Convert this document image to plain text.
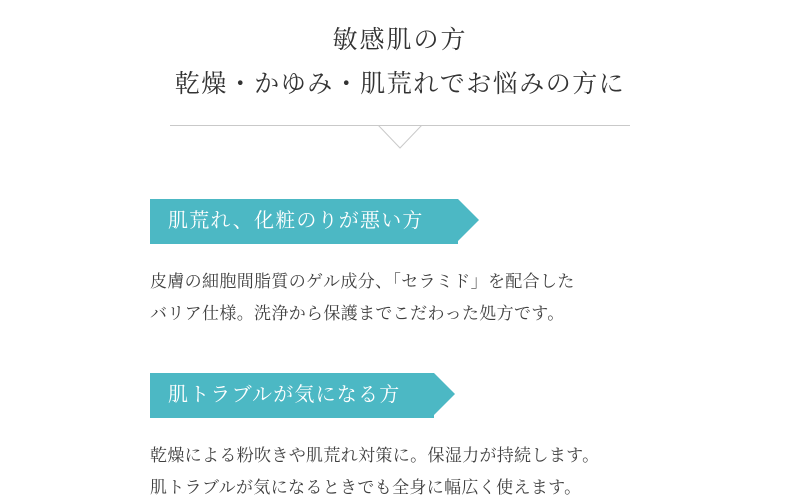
敏感肌の方
乾燥・かゆみ・肌荒れでお悩みの方に
肌荒れ、化粧のりが悪い方
皮膚の細胞間脂質のゲル成分、「セラミド」を配合した
バリア仕様。洗浄から保護までこだわった処方です。
肌トラブルが気になる方
乾燥による粉吹きや肌荒れ対策に。保湿力が持続します。
肌トラブルが気になるときでも全身に幅広く使えます。
